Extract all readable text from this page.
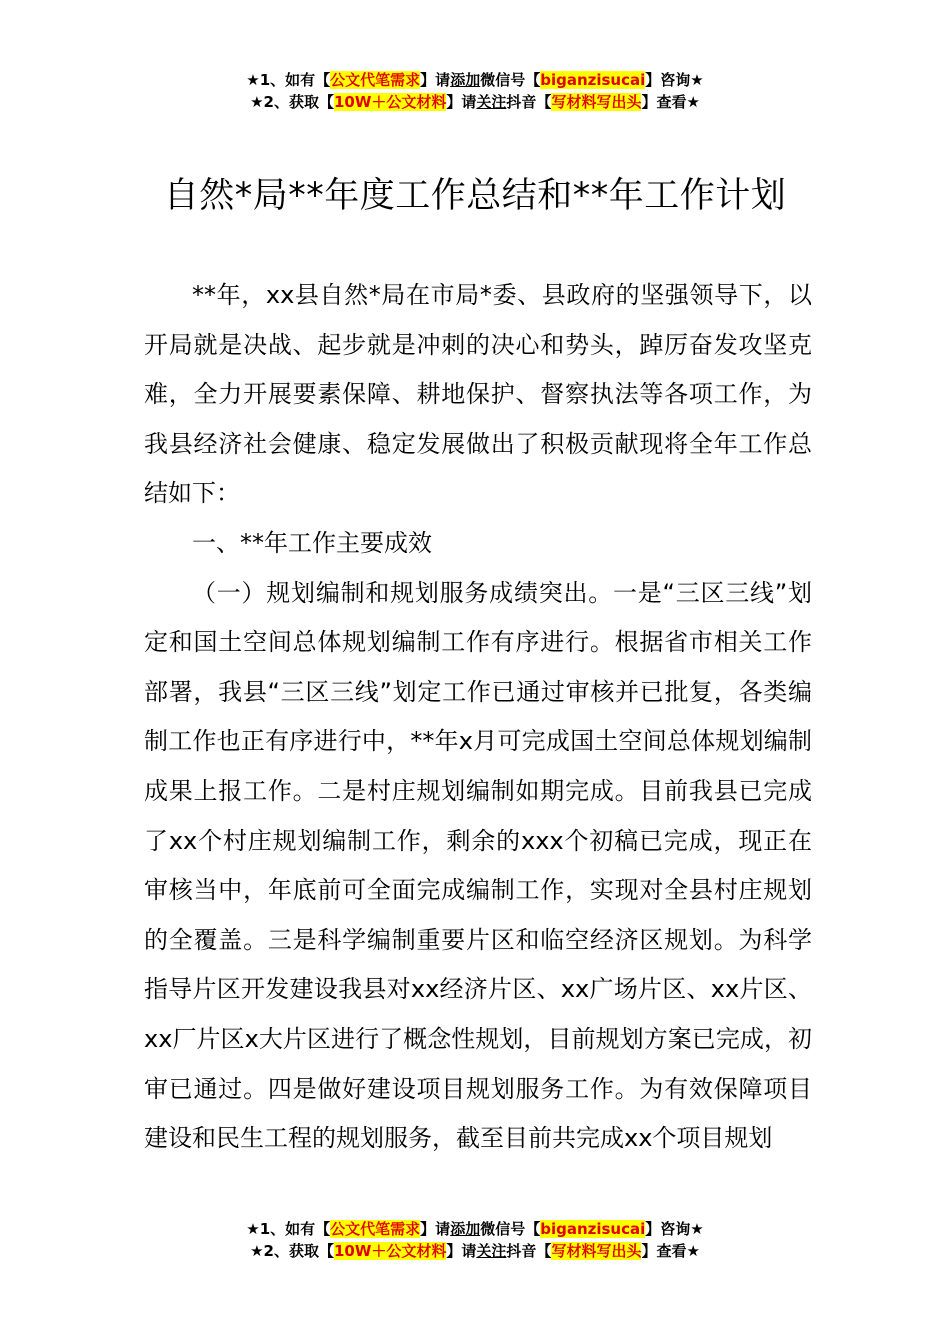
★1、如有【公文代笔需求】请添加微信号【biganzisucai】咨询★
★2、获取【10W＋公文材料】请关注抖音【写材料写出头】查看★
自然*局**年度工作总结和**年工作计划

**年，xx县自然*局在市局*委、县政府的坚强领导下，以开局就是决战、起步就是冲刺的决心和势头，踔厉奋发攻坚克难，全力开展要素保障、耕地保护、督察执法等各项工作，为我县经济社会健康、稳定发展做出了积极贡献现将全年工作总结如下：

一、**年工作主要成效

（一）规划编制和规划服务成绩突出。一是“三区三线”划定和国土空间总体规划编制工作有序进行。根据省市相关工作部署，我县“三区三线”划定工作已通过审核并已批复，各类编制工作也正有序进行中，**年x月可完成国土空间总体规划编制成果上报工作。二是村庄规划编制如期完成。目前我县已完成了xx个村庄规划编制工作，剩余的xxx个初稿已完成，现正在审核当中，年底前可全面完成编制工作，实现对全县村庄规划的全覆盖。三是科学编制重要片区和临空经济区规划。为科学指导片区开发建设我县对xx经济片区、xx广场片区、xx片区、xx厂片区x大片区进行了概念性规划，目前规划方案已完成，初审已通过。四是做好建设项目规划服务工作。为有效保障项目建设和民生工程的规划服务，截至目前共完成xx个项目规划

★1、如有【公文代笔需求】请添加微信号【biganzisucai】咨询★
★2、获取【10W＋公文材料】请关注抖音【写材料写出头】查看★
